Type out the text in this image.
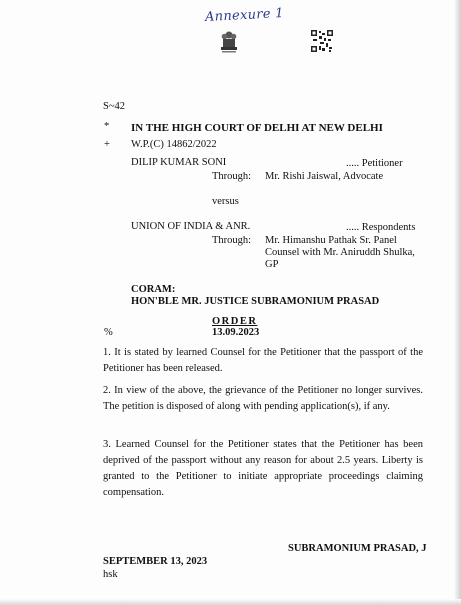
Annexure 1
S~42
* IN THE HIGH COURT OF DELHI AT NEW DELHI
+ W.P.(C) 14862/2022
DILIP KUMAR SONI	..... Petitioner
Through: Mr. Rishi Jaiswal, Advocate
versus
UNION OF INDIA & ANR.	..... Respondents
Through: Mr. Himanshu Pathak Sr. Panel
Counsel with Mr. Aniruddh Shulka,
GP
CORAM:
HON'BLE MR. JUSTICE SUBRAMONIUM PRASAD
ORDER
%	13.09.2023
1. It is stated by learned Counsel for the Petitioner that the passport of the Petitioner has been released.
2. In view of the above, the grievance of the Petitioner no longer survives. The petition is disposed of along with pending application(s), if any.
3. Learned Counsel for the Petitioner states that the Petitioner has been deprived of the passport without any reason for about 2.5 years. Liberty is granted to the Petitioner to initiate appropriate proceedings claiming compensation.
SUBRAMONIUM PRASAD, J
SEPTEMBER 13, 2023
hsk
